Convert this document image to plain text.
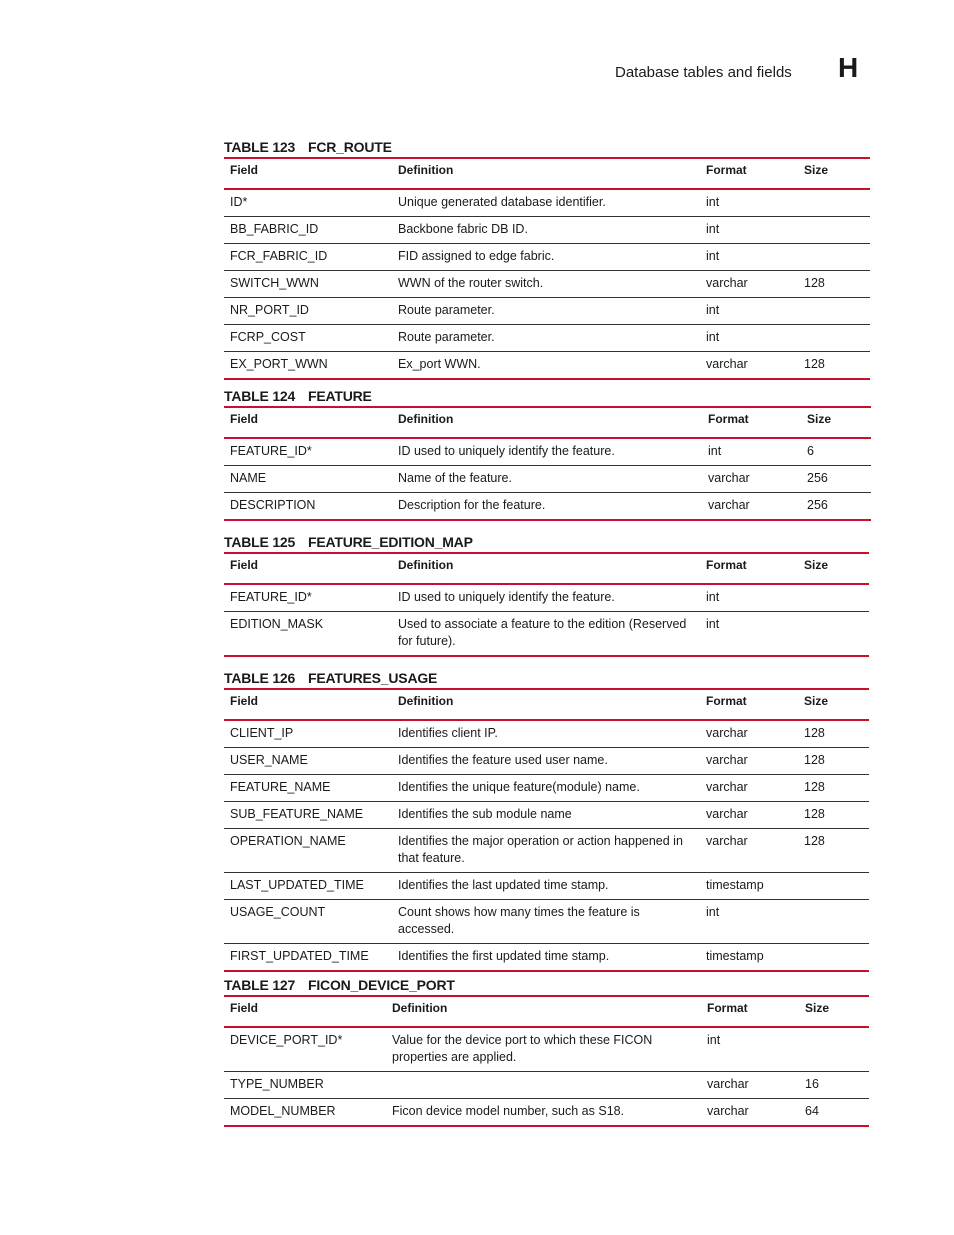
Database tables and fields H
TABLE 123 FCR_ROUTE
Field	Definition	Format	Size
ID*	Unique generated database identifier.	int	
BB_FABRIC_ID	Backbone fabric DB ID.	int	
FCR_FABRIC_ID	FID assigned to edge fabric.	int	
SWITCH_WWN	WWN of the router switch.	varchar	128
NR_PORT_ID	Route parameter.	int	
FCRP_COST	Route parameter.	int	
EX_PORT_WWN	Ex_port WWN.	varchar	128
TABLE 124 FEATURE
Field	Definition	Format	Size
FEATURE_ID*	ID used to uniquely identify the feature.	int	6
NAME	Name of the feature.	varchar	256
DESCRIPTION	Description for the feature.	varchar	256
TABLE 125 FEATURE_EDITION_MAP
Field	Definition	Format	Size
FEATURE_ID*	ID used to uniquely identify the feature.	int	
EDITION_MASK	Used to associate a feature to the edition (Reserved for future).	int	
TABLE 126 FEATURES_USAGE
Field	Definition	Format	Size
CLIENT_IP	Identifies client IP.	varchar	128
USER_NAME	Identifies the feature used user name.	varchar	128
FEATURE_NAME	Identifies the unique feature(module) name.	varchar	128
SUB_FEATURE_NAME	Identifies the sub module name	varchar	128
OPERATION_NAME	Identifies the major operation or action happened in that feature.	varchar	128
LAST_UPDATED_TIME	Identifies the last updated time stamp.	timestamp	
USAGE_COUNT	Count shows how many times the feature is accessed.	int	
FIRST_UPDATED_TIME	Identifies the first updated time stamp.	timestamp	
TABLE 127 FICON_DEVICE_PORT
Field	Definition	Format	Size
DEVICE_PORT_ID*	Value for the device port to which these FICON properties are applied.	int	
TYPE_NUMBER		varchar	16
MODEL_NUMBER	Ficon device model number, such as S18.	varchar	64
